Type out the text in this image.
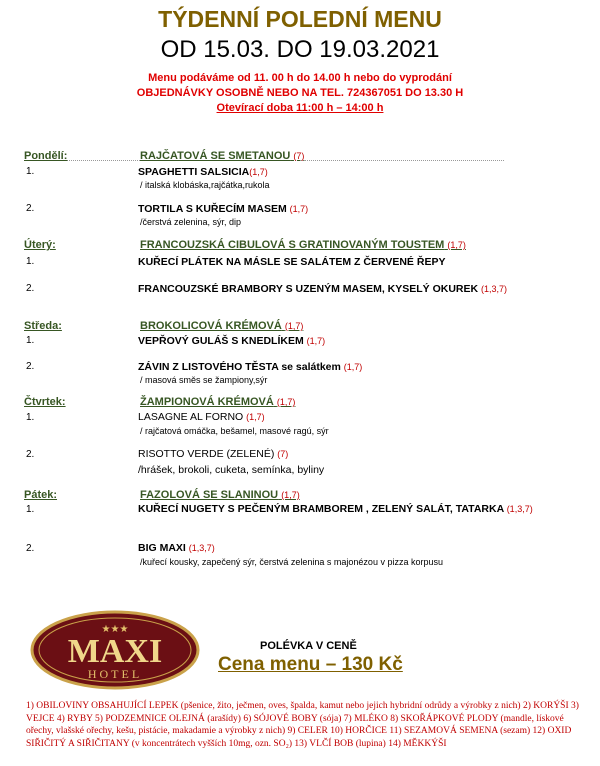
TÝDENNÍ POLEDNÍ MENU
OD 15.03. DO 19.03.2021
Menu podáváme od 11. 00 h do 14.00 h nebo do vyprodání
OBJEDNÁVKY OSOBNĚ NEBO NA TEL. 724367051 DO 13.30 H
Otevírací doba 11:00 h – 14:00 h
Pondělí:	RAJČATOVÁ SE SMETANOU (7)
1.	SPAGHETTI SALSICIA(1,7)
/ italská klobáska,rajčátka,rukola
2.	TORTILA S KUŘECÍM MASEM (1,7)
/čerstvá zelenina, sýr, dip
Úterý:	FRANCOUZSKÁ CIBULOVÁ S GRATINOVANÝM TOUSTEM (1,7)
1.	KUŘECÍ PLÁTEK NA MÁSLE SE SALÁTEM Z ČERVENÉ ŘEPY
2.	FRANCOUZSKÉ BRAMBORY S UZENÝM MASEM, KYSELÝ OKUREK (1,3,7)
Středa:	BROKOLICOVÁ KRÉMOVÁ (1,7)
1.	VEPŘOVÝ GULÁŠ S KNEDLÍKEM (1,7)
2.	ZÁVIN Z LISTOVÉHO TĚSTA se salátkem (1,7)
/ masová směs se žampiony,sýr
Čtvrtek:	ŽAMPIONOVÁ KRÉMOVÁ (1,7)
1.	LASAGNE AL FORNO (1,7)
/ rajčatová omáčka, bešamel, masové ragú, sýr
2.	RISOTTO VERDE (ZELENÉ) (7)
/hrášek, brokoli, cuketa, semínka, byliny
Pátek:	FAZOLOVÁ SE SLANINOU (1,7)
1.	KUŘECÍ NUGETY S PEČENÝM BRAMBOREM , ZELENÝ SALÁT, TATARKA (1,3,7)
2.	BIG MAXI (1,3,7)
/kuřecí kousky, zapečený sýr, čerstvá zelenina s majonézou v pizza korpusu
★★★
MAXI
HOTEL
POLÉVKA V CENĚ
Cena menu – 130 Kč
1) OBILOVINY OBSAHUJÍCÍ LEPEK (pšenice, žito, ječmen, oves, špalda, kamut nebo jejich hybridní odrůdy a výrobky z nich) 2) KORÝŠI 3) VEJCE 4) RYBY 5) PODZEMNICE OLEJNÁ (arašídy) 6) SÓJOVÉ BOBY (sója) 7) MLÉKO 8) SKOŘÁPKOVÉ PLODY (mandle, lískové ořechy, vlašské ořechy, kešu, pistácie, makadamie a výrobky z nich) 9) CELER 10) HORČICE 11) SEZAMOVÁ SEMENA (sezam) 12) OXID SIŘIČITÝ A SIŘIČITANY (v koncentrátech vyšších 10mg, ozn. SO₂) 13) VLČÍ BOB (lupina) 14) MĚKKÝŠI
